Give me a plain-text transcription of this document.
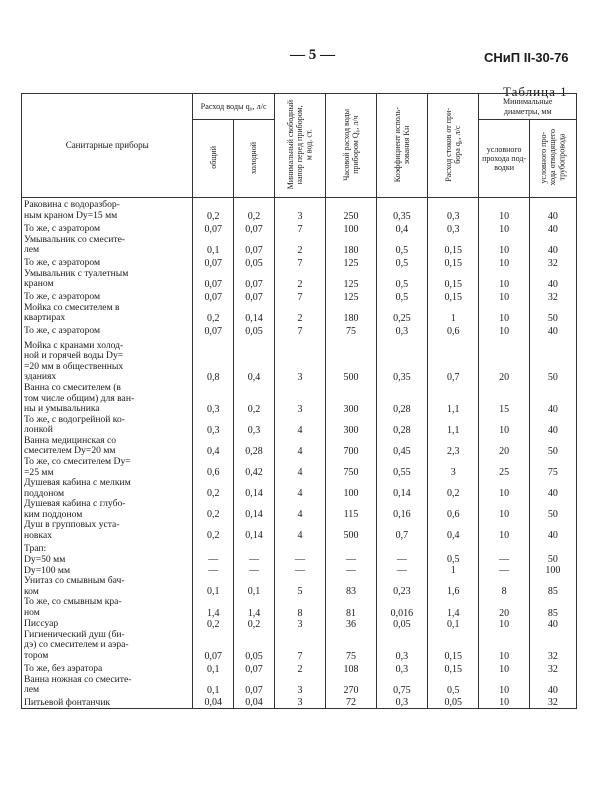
— 5 —	СНиП II-30-76
Таблица 1
Санитарные приборы	Расход воды q₀, л/с		Минимальный свободный
напор перед прибором,
м вод. ст.	Часовой расход воды
прибором Q₀, л/ч	Коэффициент исполь-
зования Kн	Расход стоков от при-
бора q₀, л/с	Минимальные
диаметры, мм	

	общий	холодной					условного
прохода под-
водки	условного про-
хода отводящего
трубопровода
Раковина с водоразбор-
ным краном Dу=15 мм	0,2	0,2	3	250	0,35	0,3	10	40
То же, с аэратором	0,07	0,07	7	100	0,4	0,3	10	40
Умывальник со смесите-
лем	0,1	0,07	2	180	0,5	0,15	10	40
То же, с аэратором	0,07	0,05	7	125	0,5	0,15	10	32
Умывальник с туалетным
краном	0,07	0,07	2	125	0,5	0,15	10	40
То же, с аэратором	0,07	0,07	7	125	0,5	0,15	10	32
Мойка со смесителем в
квартирах	0,2	0,14	2	180	0,25	1	10	50
То же, с аэратором	0,07	0,05	7	75	0,3	0,6	10	40
Мойка с кранами холод-
ной и горячей воды Dу=
=20 мм в общественных
зданиях	0,8	0,4	3	500	0,35	0,7	20	50
Ванна со смесителем (в
том числе общим) для ван-
ны и умывальника	0,3	0,2	3	300	0,28	1,1	15	40
То же, с водогрейной ко-
лонкой	0,3	0,3	4	300	0,28	1,1	10	40
Ванна медицинская со
смесителем Dу=20 мм	0,4	0,28	4	700	0,45	2,3	20	50
То же, со смесителем Dу=
=25 мм	0,6	0,42	4	750	0,55	3	25	75
Душевая кабина с мелким
поддоном	0,2	0,14	4	100	0,14	0,2	10	40
Душевая кабина с глубо-
ким поддоном	0,2	0,14	4	115	0,16	0,6	10	50
Душ в групповых уста-
новках	0,2	0,14	4	500	0,7	0,4	10	40
Трап:								
Dу=50 мм	—	—	—	—	—	0,5	—	50
Dу=100 мм	—	—	—	—	—	1	—	100
Унитаз со смывным бач-
ком	0,1	0,1	5	83	0,23	1,6	8	85
То же, со смывным кра-
ном	1,4	1,4	8	81	0,016	1,4	20	85
Писсуар	0,2	0,2	3	36	0,05	0,1	10	40
Гигиенический душ (би-
дэ) со смесителем и аэра-
тором	0,07	0,05	7	75	0,3	0,15	10	32
То же, без аэратора	0,1	0,07	2	108	0,3	0,15	10	32
Ванна ножная со смесите-
лем	0,1	0,07	3	270	0,75	0,5	10	40
Питьевой фонтанчик	0,04	0,04	3	72	0,3	0,05	10	32
